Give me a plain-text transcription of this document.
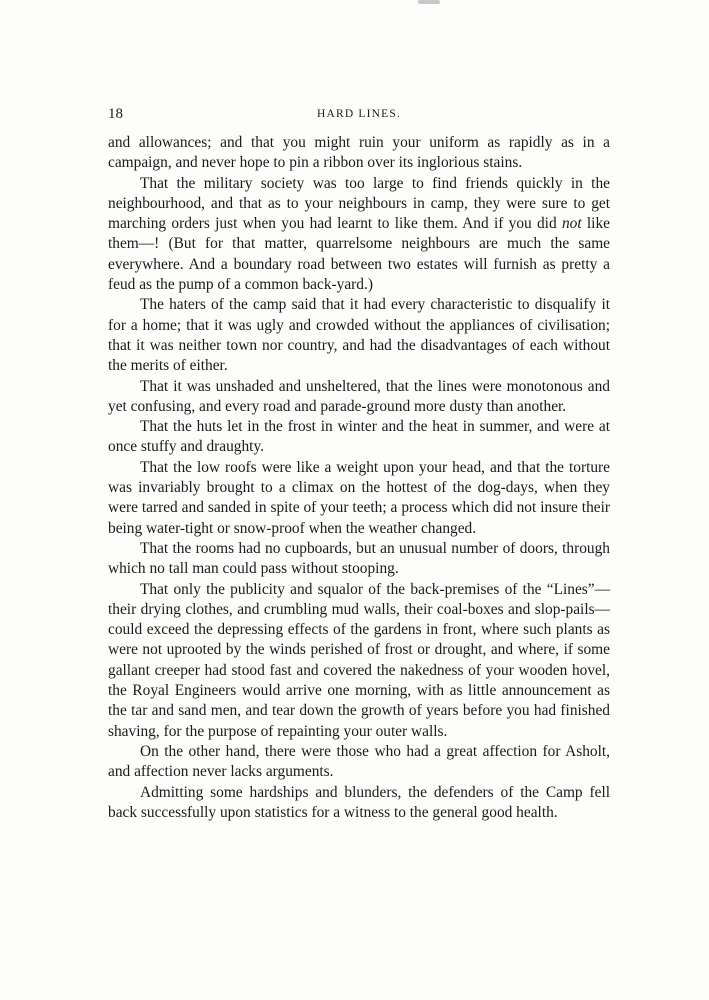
18	HARD LINES.

and allowances; and that you might ruin your uniform as rapidly as in a campaign, and never hope to pin a ribbon over its inglorious stains.

That the military society was too large to find friends quickly in the neighbourhood, and that as to your neighbours in camp, they were sure to get marching orders just when you had learnt to like them. And if you did not like them—! (But for that matter, quarrelsome neighbours are much the same everywhere. And a boundary road between two estates will furnish as pretty a feud as the pump of a common back-yard.)

The haters of the camp said that it had every characteristic to disqualify it for a home; that it was ugly and crowded without the appliances of civilisation; that it was neither town nor country, and had the disadvantages of each without the merits of either.

That it was unshaded and unsheltered, that the lines were monotonous and yet confusing, and every road and parade-ground more dusty than another.

That the huts let in the frost in winter and the heat in summer, and were at once stuffy and draughty.

That the low roofs were like a weight upon your head, and that the torture was invariably brought to a climax on the hottest of the dog-days, when they were tarred and sanded in spite of your teeth; a process which did not insure their being water-tight or snow-proof when the weather changed.

That the rooms had no cupboards, but an unusual number of doors, through which no tall man could pass without stooping.

That only the publicity and squalor of the back-premises of the “Lines”—their drying clothes, and crumbling mud walls, their coal-boxes and slop-pails—could exceed the depressing effects of the gardens in front, where such plants as were not uprooted by the winds perished of frost or drought, and where, if some gallant creeper had stood fast and covered the nakedness of your wooden hovel, the Royal Engineers would arrive one morning, with as little announcement as the tar and sand men, and tear down the growth of years before you had finished shaving, for the purpose of repainting your outer walls.

On the other hand, there were those who had a great affection for Asholt, and affection never lacks arguments.

Admitting some hardships and blunders, the defenders of the Camp fell back successfully upon statistics for a witness to the general good health.
